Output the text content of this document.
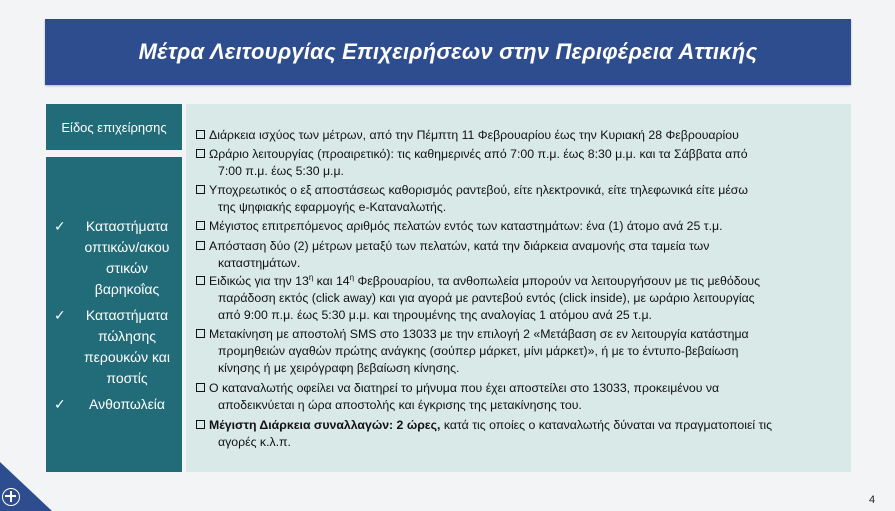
Μέτρα Λειτουργίας Επιχειρήσεων στην Περιφέρεια Αττικής
Είδος επιχείρησης
✓	Καταστήματα
οπτικών/ακου
στικών
βαρηκοΐας
✓	Καταστήματα
πώλησης
περουκών και
ποστίς
✓	Ανθοπωλεία
Διάρκεια ισχύος των μέτρων, από την Πέμπτη 11 Φεβρουαρίου έως την Κυριακή 28 Φεβρουαρίου
Ωράριο λειτουργίας (προαιρετικό): τις καθημερινές από 7:00 π.μ. έως 8:30 μ.μ. και τα Σάββατα από
7:00 π.μ. έως 5:30 μ.μ.
Υποχρεωτικός ο εξ αποστάσεως καθορισμός ραντεβού, είτε ηλεκτρονικά, είτε τηλεφωνικά είτε μέσω
της ψηφιακής εφαρμογής e-Καταναλωτής.
Μέγιστος επιτρεπόμενος αριθμός πελατών εντός των καταστημάτων: ένα (1) άτομο ανά 25 τ.μ.
Απόσταση δύο (2) μέτρων μεταξύ των πελατών, κατά την διάρκεια αναμονής στα ταμεία των
καταστημάτων.
Ειδικώς για την $13^\eta$ και $14^\eta$ Φεβρουαρίου, τα ανθοπωλεία μπορούν να λειτουργήσουν με τις μεθόδους
παράδοση εκτός (click away) και για αγορά με ραντεβού εντός (click inside), με ωράριο λειτουργίας
από 9:00 π.μ. έως 5:30 μ.μ. και τηρουμένης της αναλογίας 1 ατόμου ανά 25 τ.μ.
Μετακίνηση με αποστολή SMS στο 13033 με την επιλογή 2 «Μετάβαση σε εν λειτουργία κατάστημα
προμηθειών αγαθών πρώτης ανάγκης (σούπερ μάρκετ, μίνι μάρκετ)», ή με το έντυπο-βεβαίωση
κίνησης ή με χειρόγραφη βεβαίωση κίνησης.
Ο καταναλωτής οφείλει να διατηρεί το μήνυμα που έχει αποστείλει στο 13033, προκειμένου να
αποδεικνύεται η ώρα αποστολής και έγκρισης της μετακίνησης του.
Μέγιστη Διάρκεια συναλλαγών: 2 ώρες, κατά τις οποίες ο καταναλωτής δύναται να πραγματοποιεί τις
αγορές κ.λ.π.
4
